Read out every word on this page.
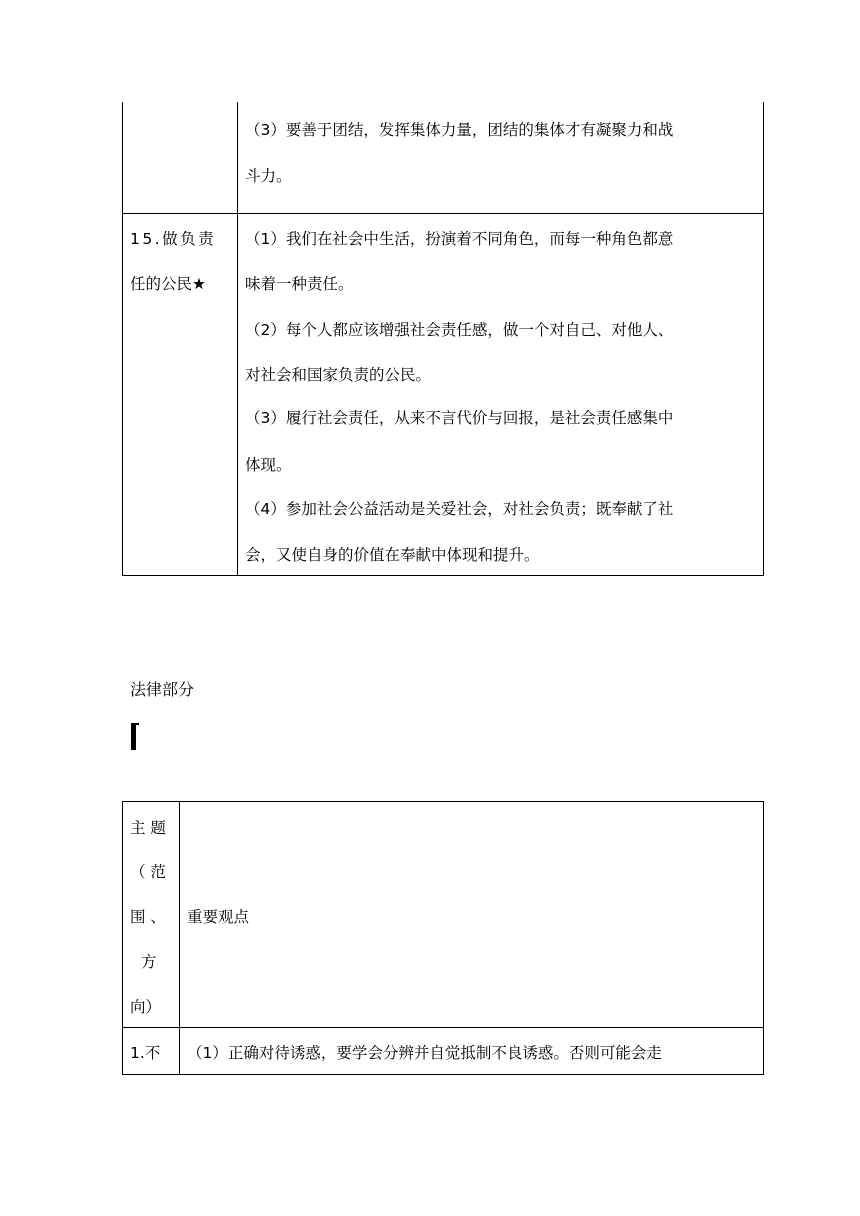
（3）要善于团结，发挥集体力量，团结的集体才有凝聚力和战
斗力。
15.做负责
任的公民★
（1）我们在社会中生活，扮演着不同角色，而每一种角色都意
味着一种责任。
（2）每个人都应该增强社会责任感，做一个对自己、对他人、
对社会和国家负责的公民。
（3）履行社会责任，从来不言代价与回报，是社会责任感集中
体现。
（4）参加社会公益活动是关爱社会，对社会负责；既奉献了社
会，又使自身的价值在奉献中体现和提升。
法律部分
主 题
（ 范
围 、
方
向）
重要观点
1.不 （1）正确对待诱惑，要学会分辨并自觉抵制不良诱惑。否则可能会走
